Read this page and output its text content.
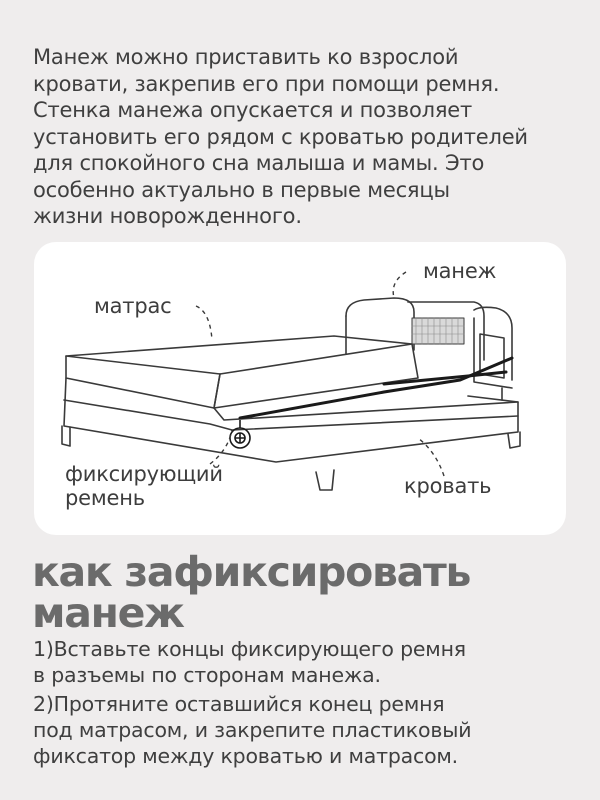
Манеж можно приставить ко взрослой
кровати, закрепив его при помощи ремня.
Стенка манежа опускается и позволяет
установить его рядом с кроватью родителей
для спокойного сна малыша и мамы. Это
особенно актуально в первые месяцы
жизни новорожденного.
манеж
матрас
фиксирующий
ремень	кровать
как зафиксировать
манеж
1)Вставьте концы фиксирующего ремня
в разъемы по сторонам манежа.
2)Протяните оставшийся конец ремня
под матрасом, и закрепите пластиковый
фиксатор между кроватью и матрасом.
